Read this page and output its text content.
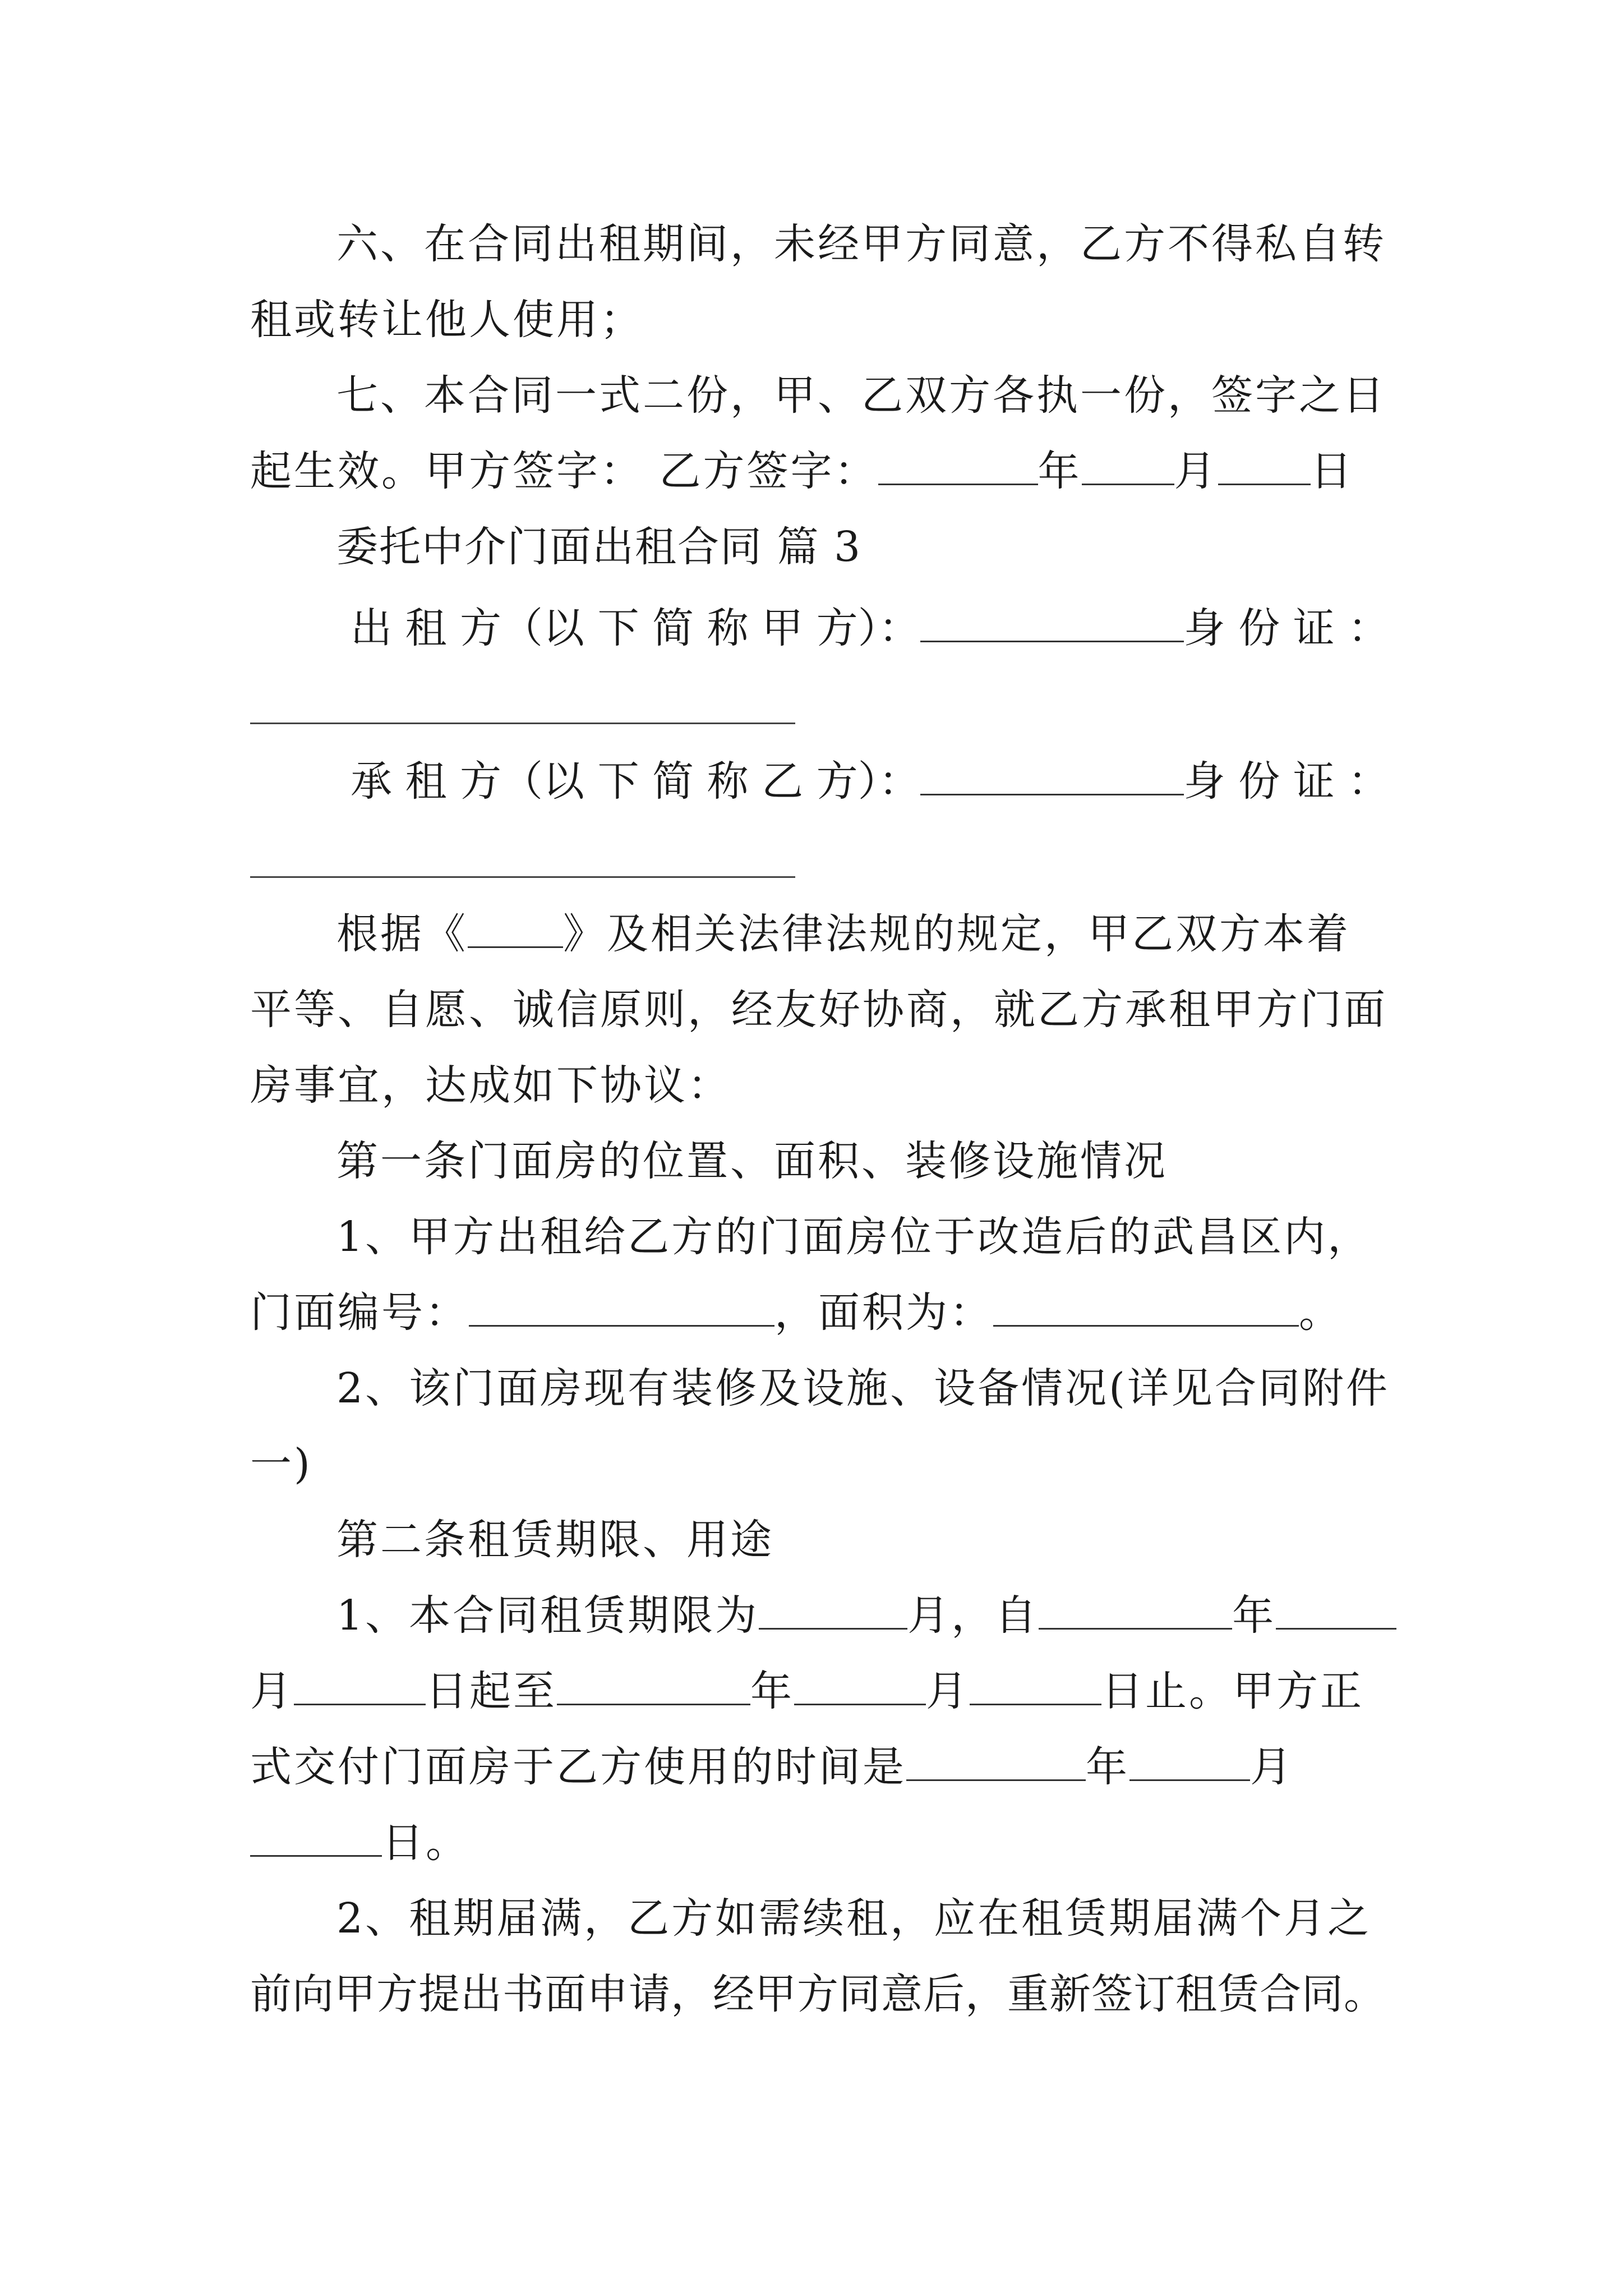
六、在合同出租期间，未经甲方同意，乙方不得私自转
租或转让他人使用；
七、本合同一式二份，甲、乙双方各执一份，签字之日
起生效。甲方签字： 乙方签字：	年 月 日
委托中介门面出租合同 篇 3
出 租 方（以 下 简 称 甲 方）：	身 份 证 ：
承 租 方（以 下 简 称 乙 方）：	身 份 证 ：
根据《 》及相关法律法规的规定，甲乙双方本着
平等、自愿、诚信原则，经友好协商，就乙方承租甲方门面
房事宜，达成如下协议：
第一条门面房的位置、面积、装修设施情况
1、甲方出租给乙方的门面房位于改造后的武昌区内，
门面编号：	，面积为：	。
2、该门面房现有装修及设施、设备情况(详见合同附件
一)
第二条租赁期限、用途
1、本合同租赁期限为	月，自	年
月	日起至	年	月	日止。甲方正
式交付门面房于乙方使用的时间是	年	月
日。
2、租期届满，乙方如需续租，应在租赁期届满个月之
前向甲方提出书面申请，经甲方同意后，重新签订租赁合同。
